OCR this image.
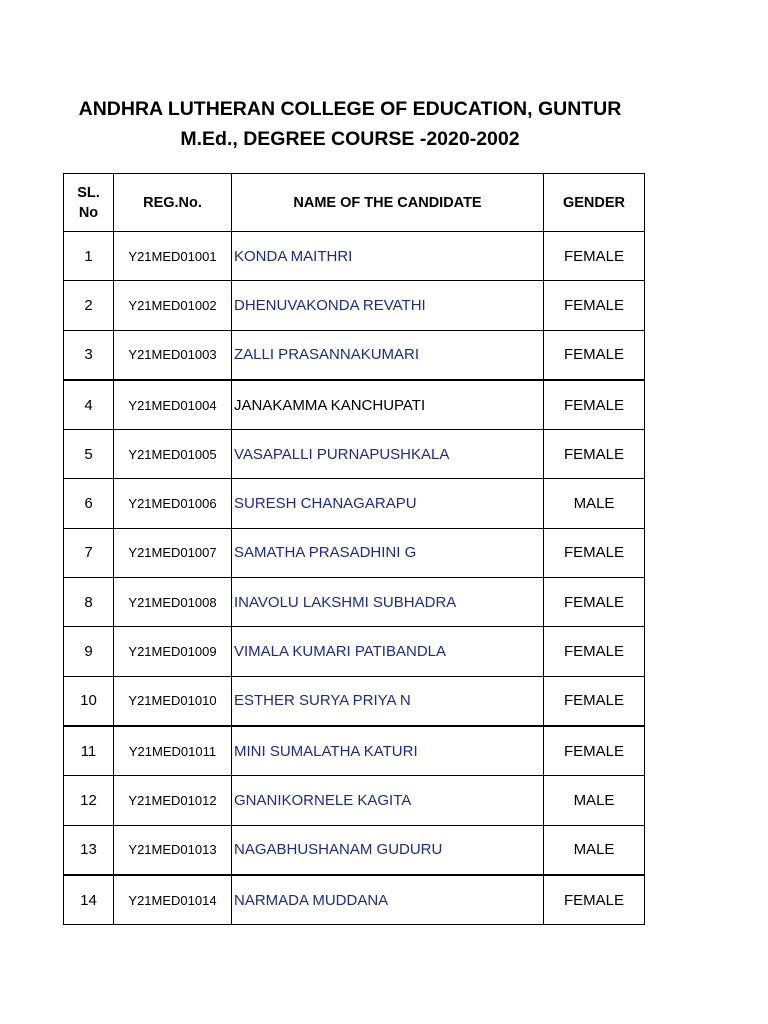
ANDHRA LUTHERAN COLLEGE OF EDUCATION, GUNTUR
M.Ed., DEGREE COURSE -2020-2002
SL.
No	REG.No.	NAME OF THE CANDIDATE	GENDER
1	Y21MED01001	KONDA MAITHRI	FEMALE
2	Y21MED01002	DHENUVAKONDA REVATHI	FEMALE
3	Y21MED01003	ZALLI PRASANNAKUMARI	FEMALE
4	Y21MED01004	JANAKAMMA KANCHUPATI	FEMALE
5	Y21MED01005	VASAPALLI PURNAPUSHKALA	FEMALE
6	Y21MED01006	SURESH CHANAGARAPU	MALE
7	Y21MED01007	SAMATHA PRASADHINI G	FEMALE
8	Y21MED01008	INAVOLU LAKSHMI SUBHADRA	FEMALE
9	Y21MED01009	VIMALA KUMARI PATIBANDLA	FEMALE
10	Y21MED01010	ESTHER SURYA PRIYA N	FEMALE
11	Y21MED01011	MINI SUMALATHA KATURI	FEMALE
12	Y21MED01012	GNANIKORNELE KAGITA	MALE
13	Y21MED01013	NAGABHUSHANAM GUDURU	MALE
14	Y21MED01014	NARMADA MUDDANA	FEMALE
